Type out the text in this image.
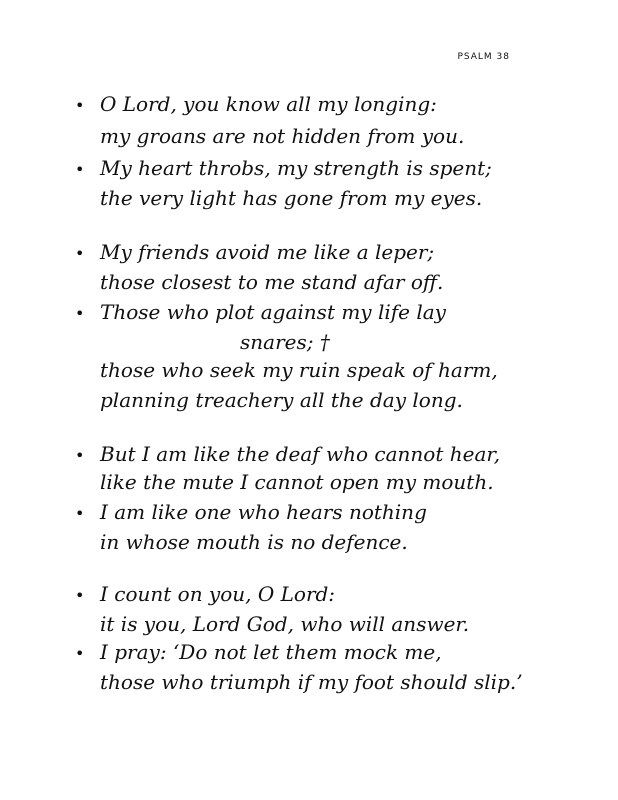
PSALM 38
• O Lord, you know all my longing:
my groans are not hidden from you.
• My heart throbs, my strength is spent;
the very light has gone from my eyes.
• My friends avoid me like a leper;
those closest to me stand afar off.
• Those who plot against my life lay
snares; †
those who seek my ruin speak of harm,
planning treachery all the day long.
• But I am like the deaf who cannot hear,
like the mute I cannot open my mouth.
• I am like one who hears nothing
in whose mouth is no defence.
• I count on you, O Lord:
it is you, Lord God, who will answer.
• I pray: ‘Do not let them mock me,
those who triumph if my foot should slip.’
